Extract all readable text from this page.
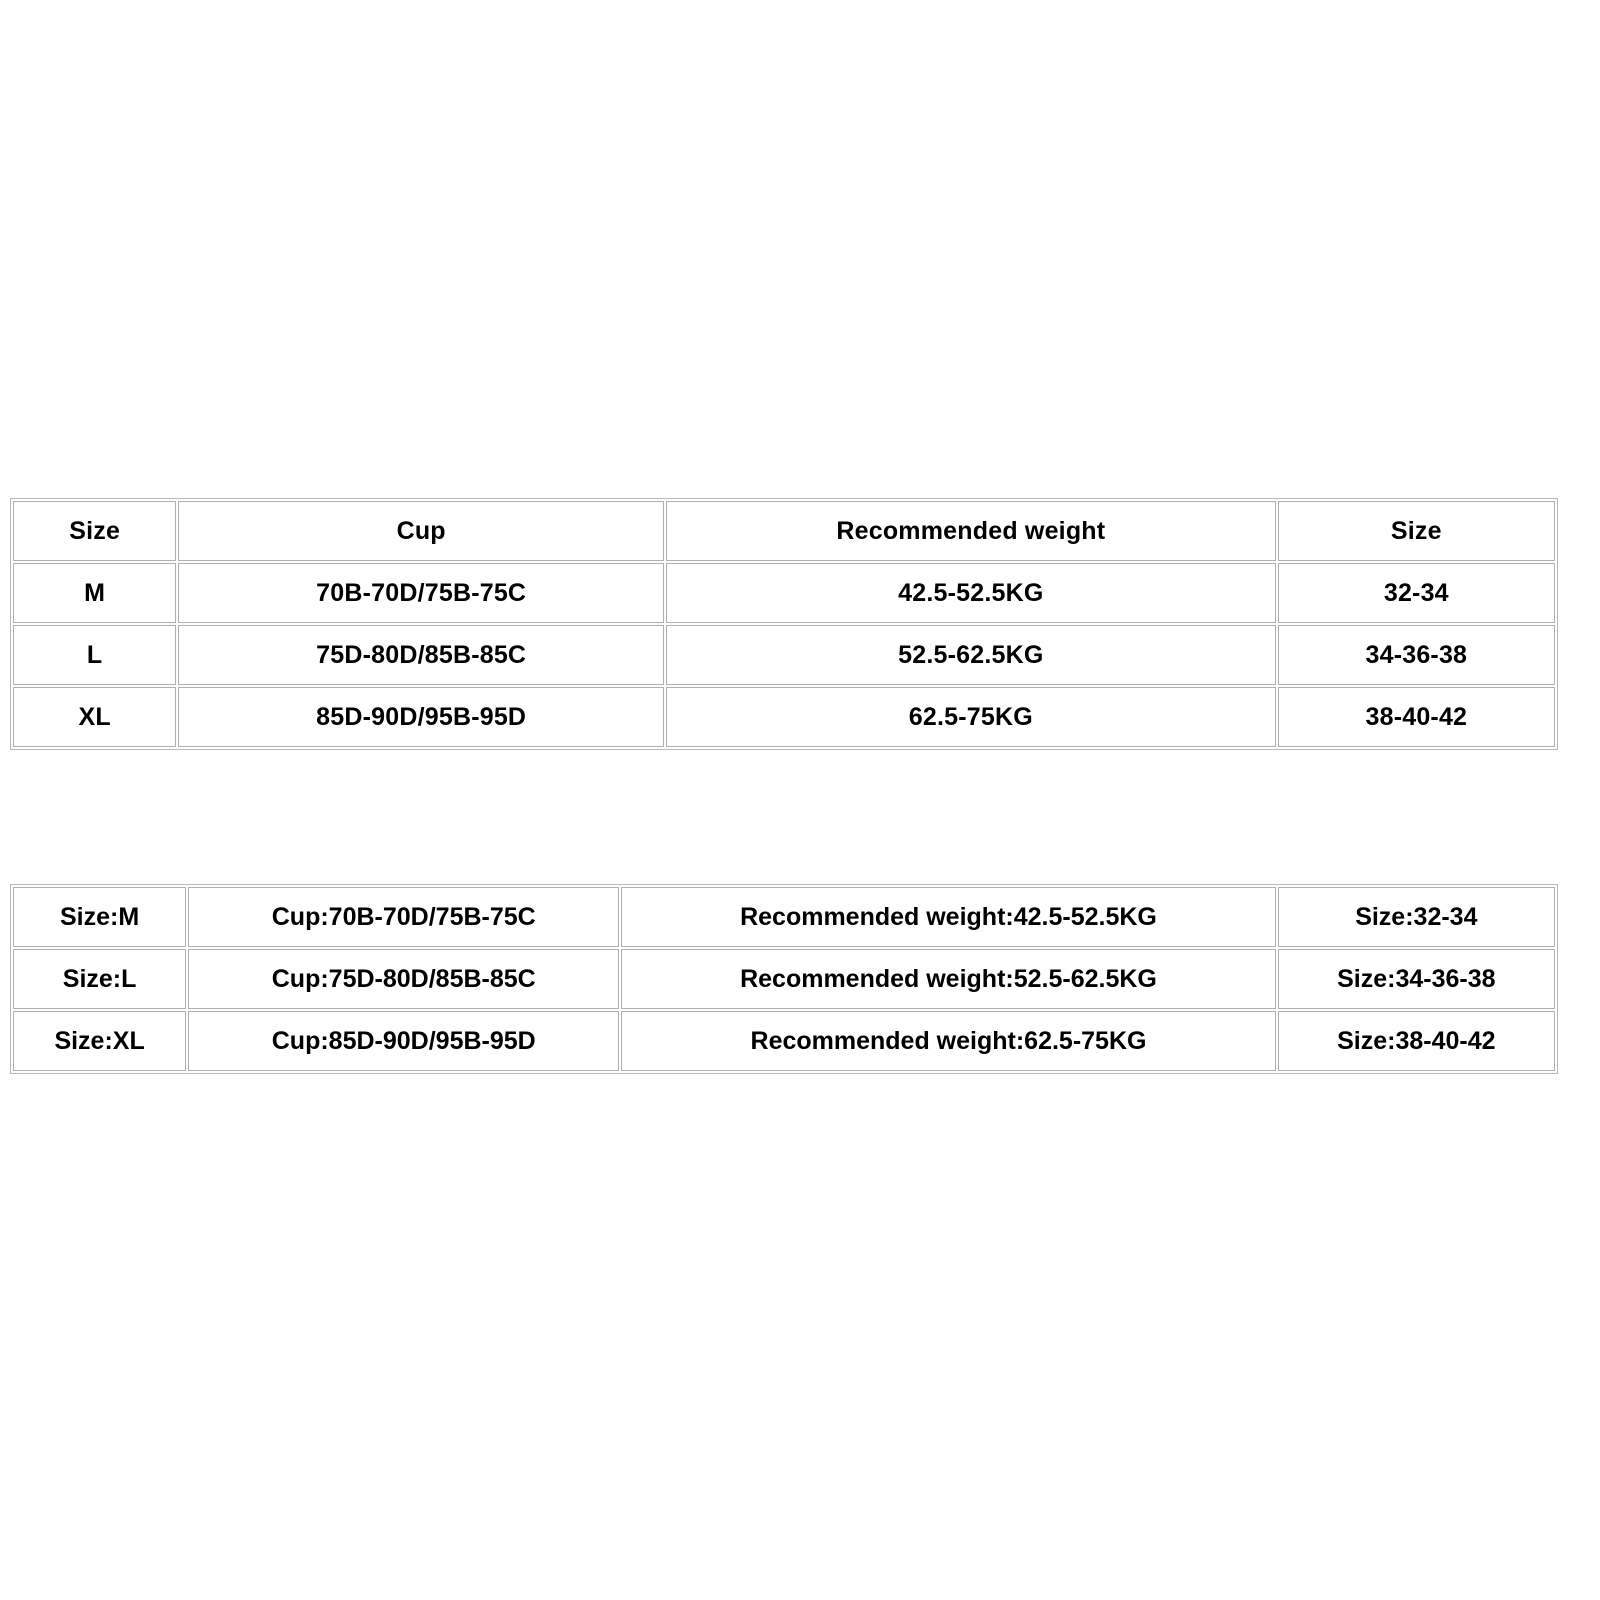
Size	Cup	Recommended weight	Size
M	70B-70D/75B-75C	42.5-52.5KG	32-34
L	75D-80D/85B-85C	52.5-62.5KG	34-36-38
XL	85D-90D/95B-95D	62.5-75KG	38-40-42
Size:M	Cup:70B-70D/75B-75C	Recommended weight:42.5-52.5KG	Size:32-34
Size:L	Cup:75D-80D/85B-85C	Recommended weight:52.5-62.5KG	Size:34-36-38
Size:XL	Cup:85D-90D/95B-95D	Recommended weight:62.5-75KG	Size:38-40-42
